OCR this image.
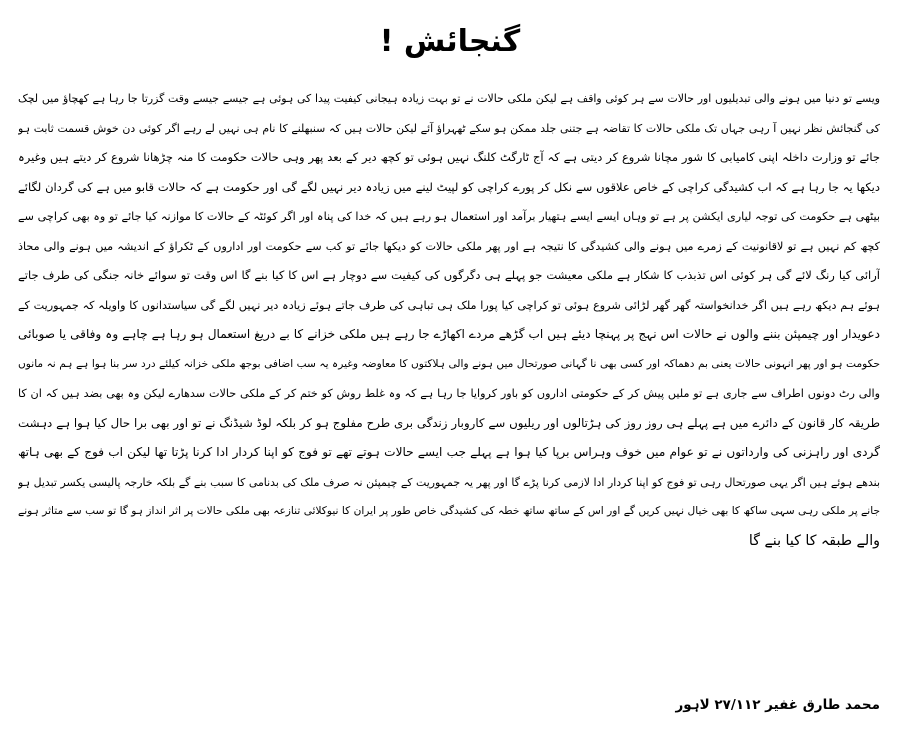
گنجائش !
ویسے تو دنیا میں ہونے والی تبدیلیوں اور حالات سے ہر کوئی واقف ہے لیکن ملکی حالات نے تو بہت زیادہ ہیجانی کیفیت پیدا کی ہوئی ہے جیسے جیسے وقت گزرتا جا رہا ہے کھچاؤ میں لچک
کی گنجائش نظر نہیں آ رہی جہاں تک ملکی حالات کا تقاضہ ہے جتنی جلد ممکن ہو سکے ٹھہراؤ آئے لیکن حالات ہیں کہ سنبھلنے کا نام ہی نہیں لے رہے اگر کوئی دن خوش قسمت ثابت ہو
جائے تو وزارت داخلہ اپنی کامیابی کا شور مچانا شروع کر دیتی ہے کہ آج ٹارگٹ کلنگ نہیں ہوئی تو کچھ دیر کے بعد پھر وہی حالات حکومت کا منہ چڑھانا شروع کر دیتے ہیں وغیرہ
دیکھا یہ جا رہا ہے کہ اب کشیدگی کراچی کے خاص علاقوں سے نکل کر پورے کراچی کو لپیٹ لینے میں زیادہ دیر نہیں لگے گی اور حکومت ہے کہ حالات قابو میں ہے کی گردان لگائے
بیٹھی ہے حکومت کی توجہ لیاری ایکشن پر ہے تو وہاں ایسے ایسے ہتھیار برآمد اور استعمال ہو رہے ہیں کہ خدا کی پناہ اور اگر کوئٹہ کے حالات کا موازنہ کیا جائے تو وہ بھی کراچی سے
کچھ کم نہیں ہے تو لاقانونیت کے زمرے میں ہونے والی کشیدگی کا نتیجہ ہے اور پھر ملکی حالات کو دیکھا جائے تو کب سے حکومت اور اداروں کے ٹکراؤ کے اندیشہ میں ہونے والی محاذ
آرائی کیا رنگ لائے گی ہر کوئی اس تذبذب کا شکار ہے ملکی معیشت جو پہلے ہی دگرگوں کی کیفیت سے دوچار ہے اس کا کیا بنے گا اس وقت تو سوائے خانہ جنگی کی طرف جاتے
ہوئے ہم دیکھ رہے ہیں اگر خدانخواستہ گھر گھر لڑائی شروع ہوئی تو کراچی کیا پورا ملک ہی تباہی کی طرف جاتے ہوئے زیادہ دیر نہیں لگے گی سیاستدانوں کا واویلہ کہ جمہوریت کے
دعویدار اور چیمپئن بننے والوں نے حالات اس نہج پر پہنچا دیئے ہیں اب گڑھے مردے اکھاڑے جا رہے ہیں ملکی خزانے کا بے دریغ استعمال ہو رہا ہے چاہے وہ وفاقی یا صوبائی
حکومت ہو اور پھر انہونی حالات یعنی بم دھماکہ اور کسی بھی نا گہانی صورتحال میں ہونے والی ہلاکتوں کا معاوضہ وغیرہ یہ سب اضافی بوجھ ملکی خزانہ کیلئے درد سر بنا ہوا ہے ہم نہ مانوں
والی رٹ دونوں اطراف سے جاری ہے تو ملیں پیش کر کے حکومتی اداروں کو باور کروایا جا رہا ہے کہ وہ غلط روش کو ختم کر کے ملکی حالات سدھارے لیکن وہ بھی بضد ہیں کہ ان کا
طریقہ کار قانون کے دائرے میں ہے پہلے ہی روز روز کی ہڑتالوں اور ریلیوں سے کاروبار زندگی بری طرح مفلوج ہو کر بلکہ لوڈ شیڈنگ نے تو اور بھی برا حال کیا ہوا ہے دہشت
گردی اور راہزنی کی وارداتوں نے تو عوام میں خوف وہراس برپا کیا ہوا ہے پہلے جب ایسے حالات ہوتے تھے تو فوج کو اپنا کردار ادا کرنا پڑتا تھا لیکن اب فوج کے بھی ہاتھ
بندھے ہوئے ہیں اگر یہی صورتحال رہی تو فوج کو اپنا کردار ادا لازمی کرنا پڑے گا اور پھر یہ جمہوریت کے چیمپئن نہ صرف ملک کی بدنامی کا سبب بنے گے بلکہ خارجہ پالیسی یکسر تبدیل ہو
جانے پر ملکی رہی سہی ساکھ کا بھی خیال نہیں کریں گے اور اس کے ساتھ ساتھ خطہ کی کشیدگی خاص طور پر ایران کا نیوکلائی تنازعہ بھی ملکی حالات پر اثر انداز ہو گا تو سب سے متاثر ہونے
والے طبقہ کا کیا بنے گا
محمد طارق غفیر ۲۷/۱۱۲ لاہور
